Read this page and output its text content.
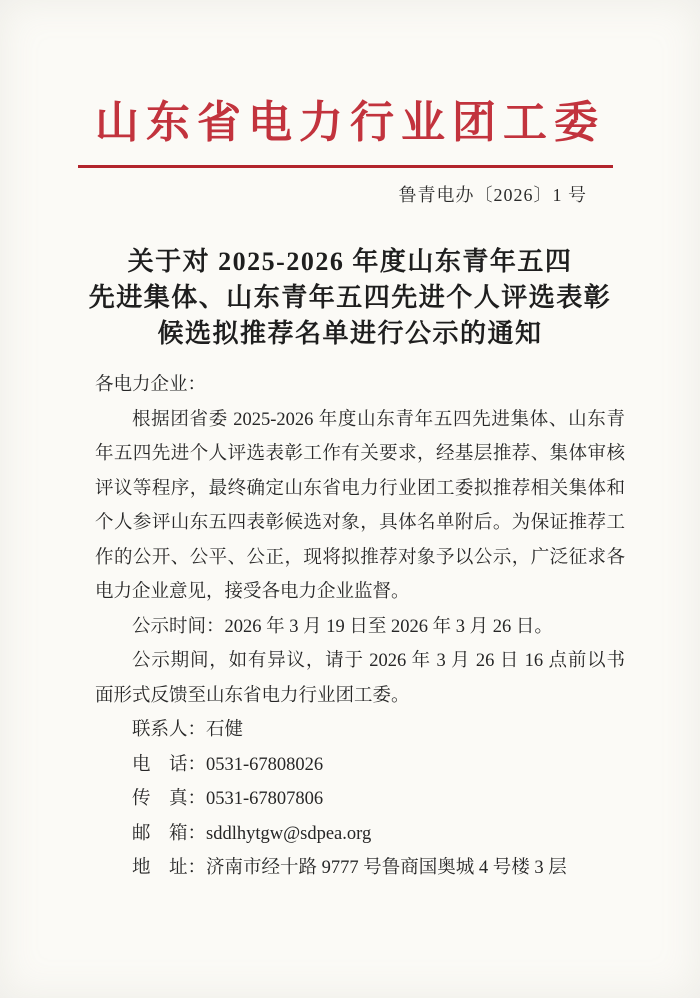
山东省电力行业团工委
鲁青电办〔2026〕1 号
关于对 2025-2026 年度山东青年五四
先进集体、山东青年五四先进个人评选表彰
候选拟推荐名单进行公示的通知
各电力企业：
根据团省委 2025-2026 年度山东青年五四先进集体、山东青
年五四先进个人评选表彰工作有关要求，经基层推荐、集体审核
评议等程序，最终确定山东省电力行业团工委拟推荐相关集体和
个人参评山东五四表彰候选对象，具体名单附后。为保证推荐工
作的公开、公平、公正，现将拟推荐对象予以公示，广泛征求各
电力企业意见，接受各电力企业监督。
公示时间：2026 年 3 月 19 日至 2026 年 3 月 26 日。
公示期间，如有异议，请于 2026 年 3 月 26 日 16 点前以书
面形式反馈至山东省电力行业团工委。
联系人：石健
电　话：0531-67808026
传　真：0531-67807806
邮　箱：sddlhytgw@sdpea.org
地　址：济南市经十路 9777 号鲁商国奥城 4 号楼 3 层
